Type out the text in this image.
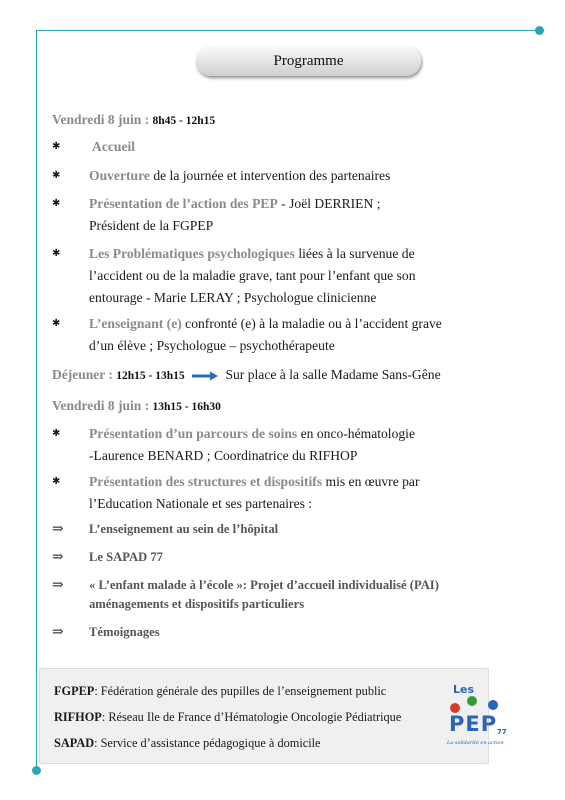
Programme
Vendredi 8 juin : 8h45 - 12h15
✱	Accueil
✱	Ouverture de la journée et intervention des partenaires
✱	Présentation de l’action des PEP - Joël DERRIEN ;
Président de la FGPEP
✱	Les Problématiques psychologiques liées à la survenue de
l’accident ou de la maladie grave, tant pour l’enfant que son
entourage - Marie LERAY ; Psychologue clinicienne
✱	L’enseignant (e) confronté (e) à la maladie ou à l’accident grave
d’un élève ; Psychologue – psychothérapeute
Déjeuner : 12h15 - 13h15	Sur place à la salle Madame Sans-Gêne
Vendredi 8 juin : 13h15 - 16h30
✱	Présentation d’un parcours de soins en onco-hématologie
-Laurence BENARD ; Coordinatrice du RIFHOP
✱	Présentation des structures et dispositifs mis en œuvre par
l’Education Nationale et ses partenaires :
⇒ L’enseignement au sein de l’hôpital
⇒ Le SAPAD 77
⇒ « L’enfant malade à l’école »: Projet d’accueil individualisé (PAI)
aménagements et dispositifs particuliers
⇒ Témoignages
FGPEP: Fédération générale des pupilles de l’enseignement public
RIFHOP: Réseau Ile de France d’Hématologie Oncologie Pédiatrique
SAPAD: Service d’assistance pédagogique à domicile
Les
PEP 77
La solidarité en action
